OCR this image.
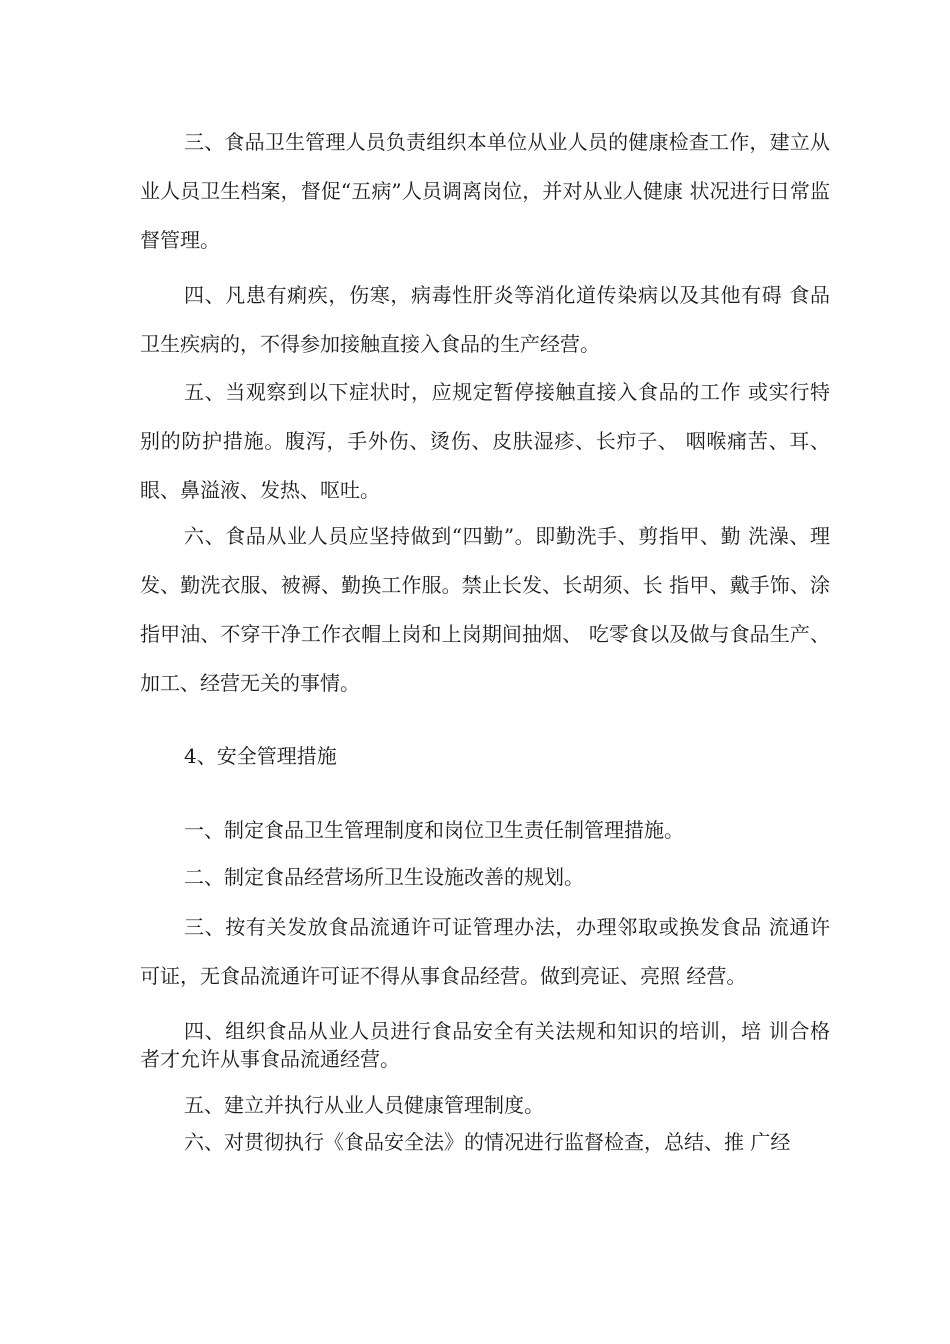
三、食品卫生管理人员负责组织本单位从业人员的健康检查工作，建立从业人员卫生档案，督促“五病”人员调离岗位，并对从业人健康 状况进行日常监督管理。

四、凡患有痢疾，伤寒，病毒性肝炎等消化道传染病以及其他有碍 食品卫生疾病的，不得参加接触直接入食品的生产经营。

五、当观察到以下症状时，应规定暂停接触直接入食品的工作 或实行特别的防护措施。腹泻，手外伤、烫伤、皮肤湿疹、长疖子、 咽喉痛苦、耳、眼、鼻溢液、发热、呕吐。

六、食品从业人员应坚持做到“四勤”。即勤洗手、剪指甲、勤 洗澡、理发、勤洗衣服、被褥、勤换工作服。禁止长发、长胡须、长 指甲、戴手饰、涂指甲油、不穿干净工作衣帽上岗和上岗期间抽烟、 吃零食以及做与食品生产、加工、经营无关的事情。

4、安全管理措施

一、制定食品卫生管理制度和岗位卫生责任制管理措施。

二、制定食品经营场所卫生设施改善的规划。

三、按有关发放食品流通许可证管理办法，办理邻取或换发食品 流通许可证，无食品流通许可证不得从事食品经营。做到亮证、亮照 经营。

四、组织食品从业人员进行食品安全有关法规和知识的培训，培 训合格者才允许从事食品流通经营。

五、建立并执行从业人员健康管理制度。

六、对贯彻执行《食品安全法》的情况进行监督检查，总结、推 广经
